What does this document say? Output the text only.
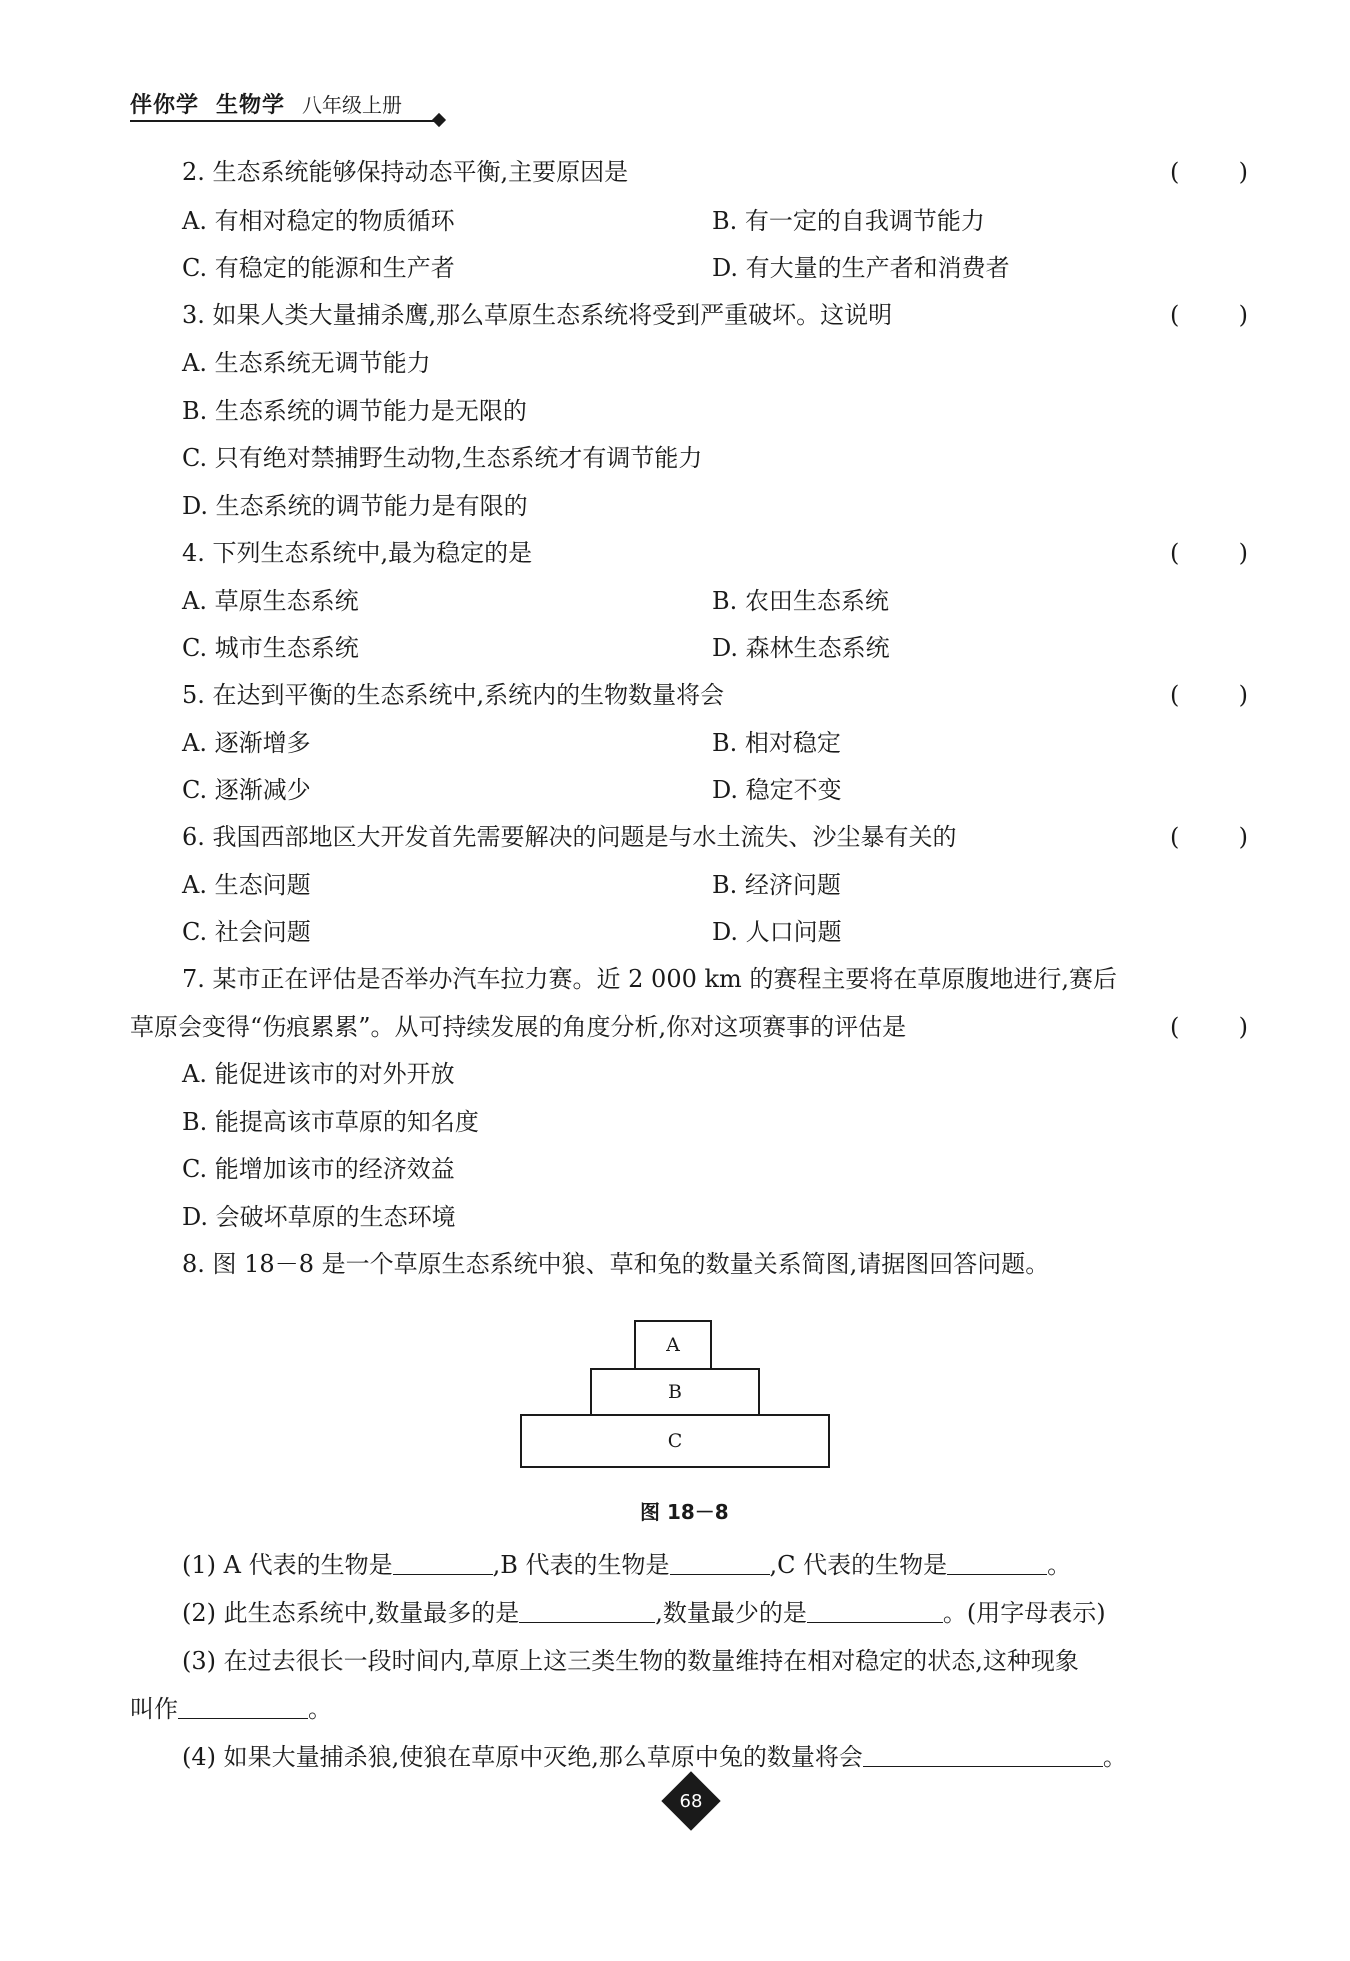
伴你学 生物学 八年级上册
2. 生态系统能够保持动态平衡,主要原因是	( )
A. 有相对稳定的物质循环	B. 有一定的自我调节能力
C. 有稳定的能源和生产者	D. 有大量的生产者和消费者
3. 如果人类大量捕杀鹰,那么草原生态系统将受到严重破坏。这说明	( )
A. 生态系统无调节能力
B. 生态系统的调节能力是无限的
C. 只有绝对禁捕野生动物,生态系统才有调节能力
D. 生态系统的调节能力是有限的
4. 下列生态系统中,最为稳定的是	( )
A. 草原生态系统	B. 农田生态系统
C. 城市生态系统	D. 森林生态系统
5. 在达到平衡的生态系统中,系统内的生物数量将会	( )
A. 逐渐增多	B. 相对稳定
C. 逐渐减少	D. 稳定不变
6. 我国西部地区大开发首先需要解决的问题是与水土流失、沙尘暴有关的	( )
A. 生态问题	B. 经济问题
C. 社会问题	D. 人口问题
7. 某市正在评估是否举办汽车拉力赛。近 2 000 km 的赛程主要将在草原腹地进行,赛后
草原会变得“伤痕累累”。从可持续发展的角度分析,你对这项赛事的评估是	( )
A. 能促进该市的对外开放
B. 能提高该市草原的知名度
C. 能增加该市的经济效益
D. 会破坏草原的生态环境
8. 图 18－8 是一个草原生态系统中狼、草和兔的数量关系简图,请据图回答问题。
A
B
C
图 18－8
(1) A 代表的生物是	,B 代表的生物是	,C 代表的生物是	。
(2) 此生态系统中,数量最多的是	,数量最少的是	。(用字母表示)
(3) 在过去很长一段时间内,草原上这三类生物的数量维持在相对稳定的状态,这种现象
叫作	。
(4) 如果大量捕杀狼,使狼在草原中灭绝,那么草原中兔的数量将会	。
68
